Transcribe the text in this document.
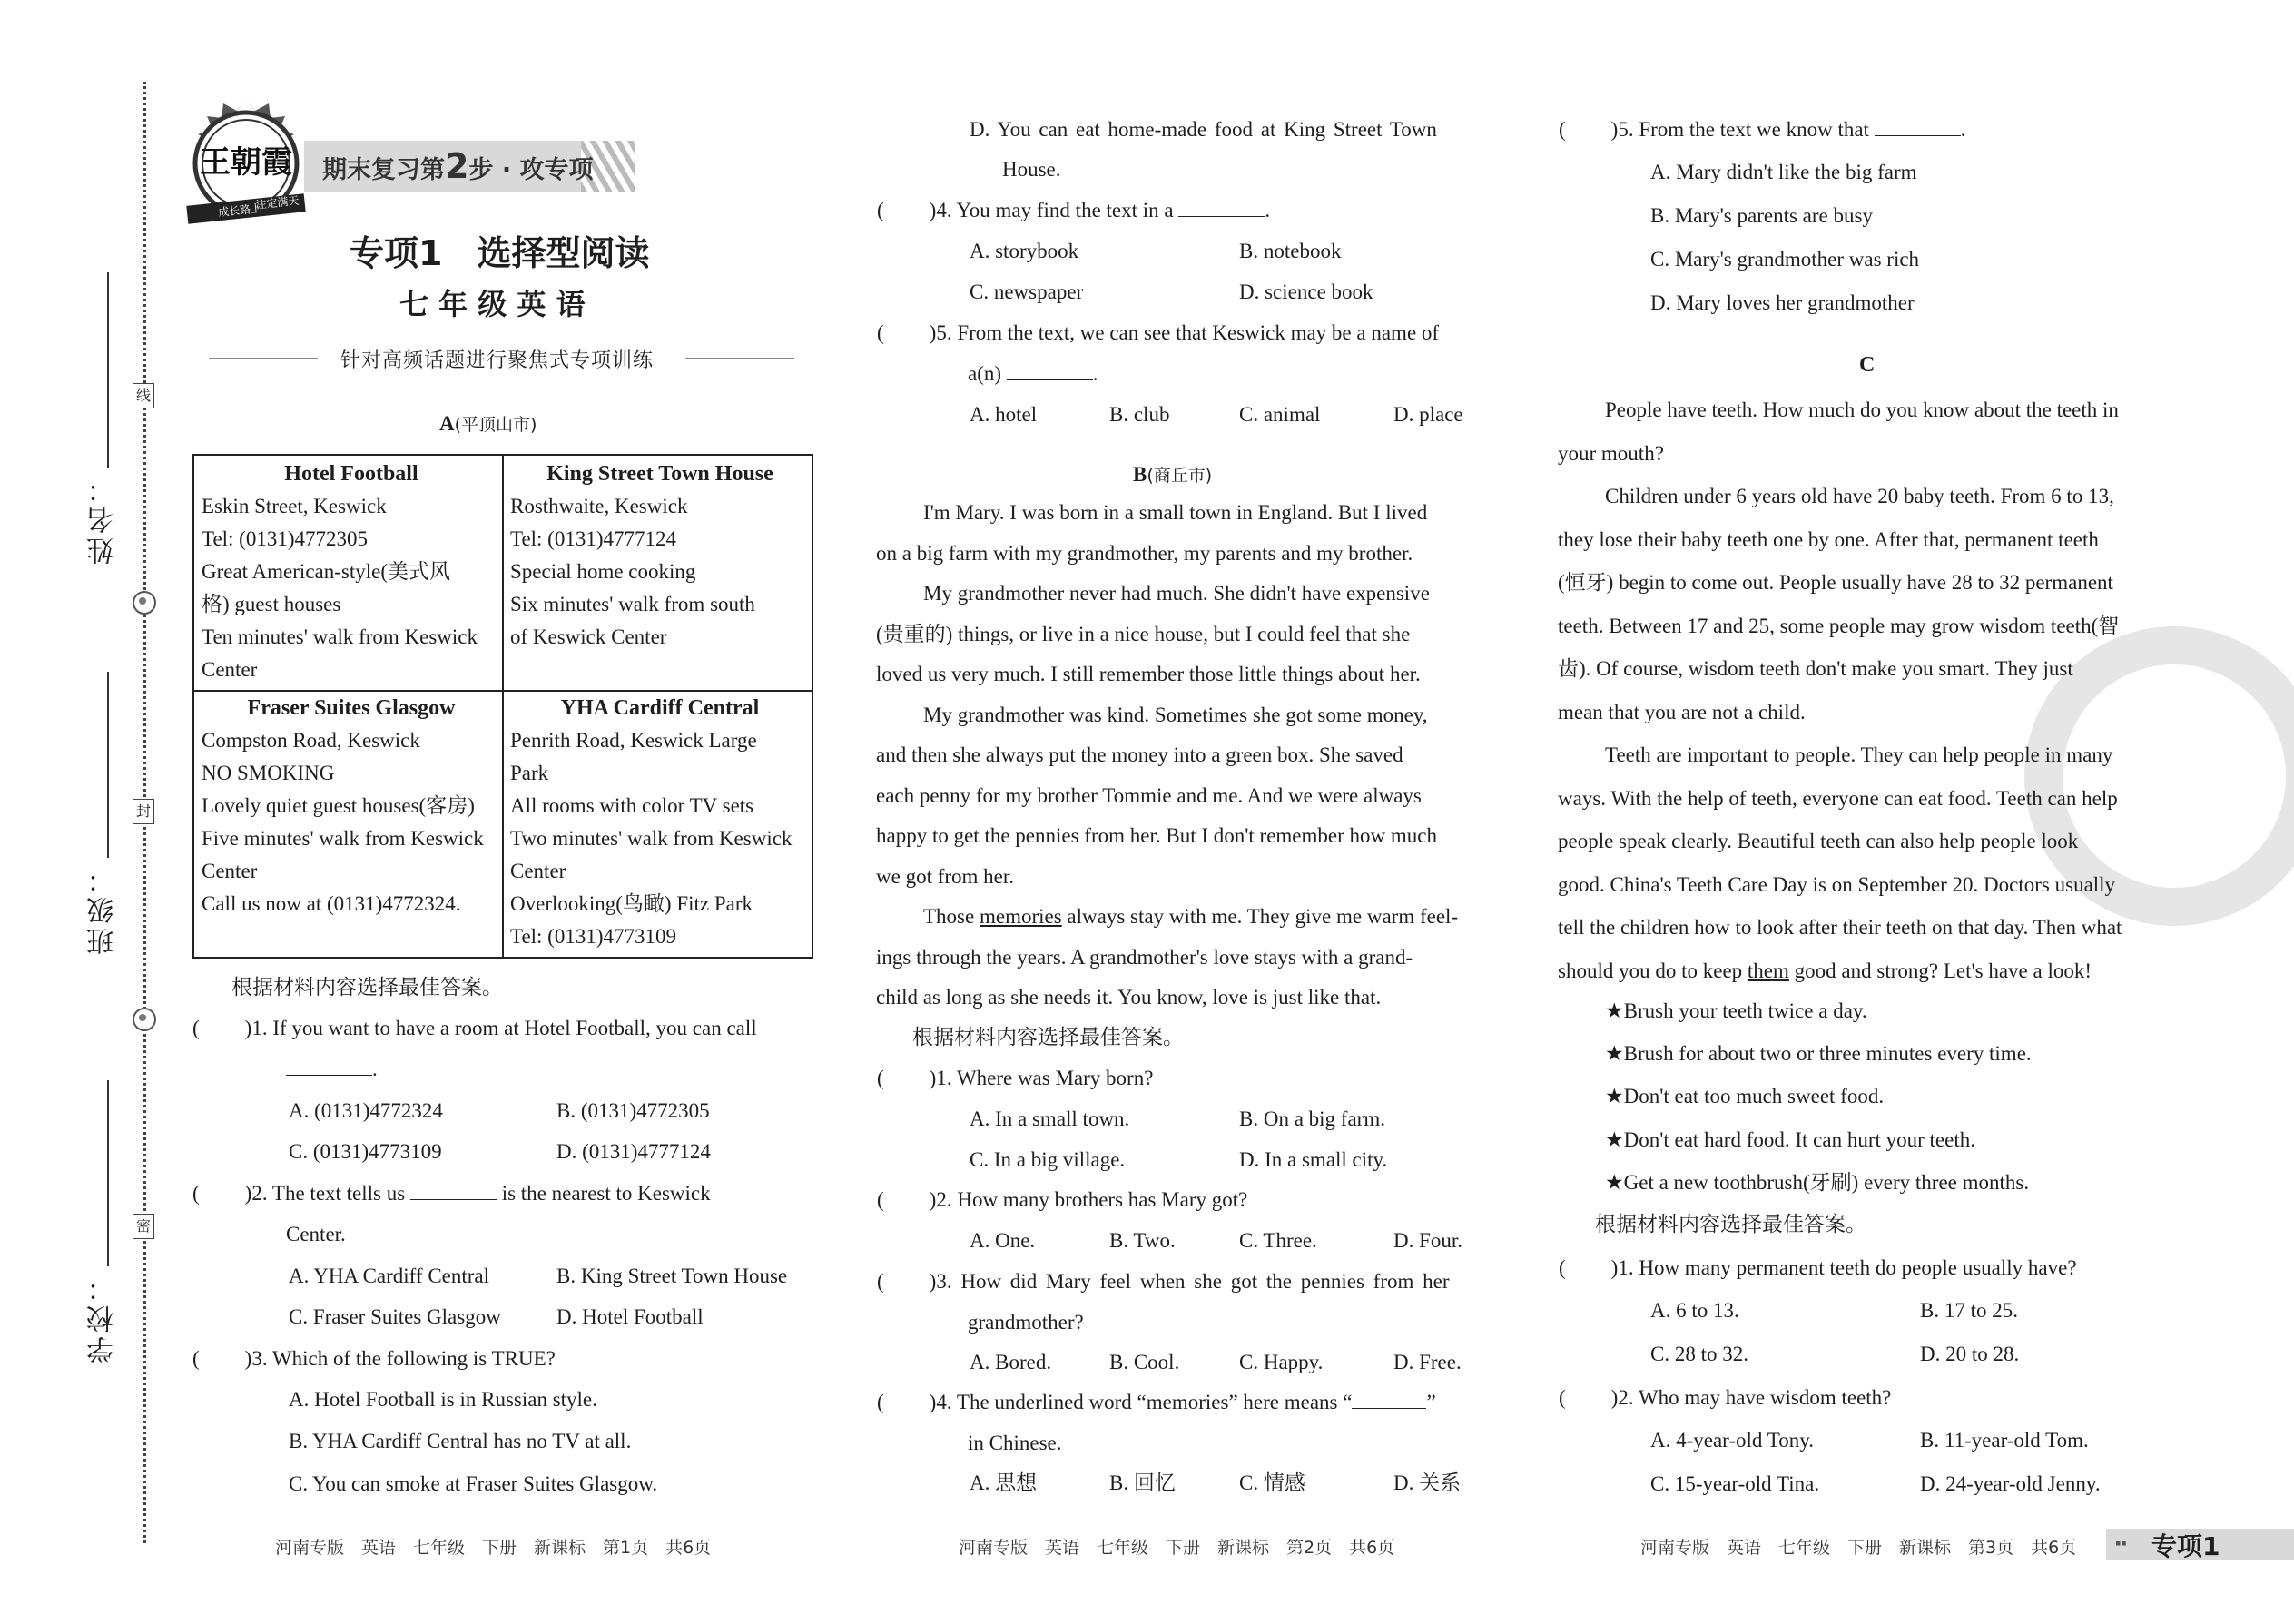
姓名：
班级：
学校：
线
封
密
王朝霞
成长路上
注定满天
期末复习第2步 · 攻专项
专项1　选择型阅读
七 年 级 英 语
针对高频话题进行聚焦式专项训练
A(平顶山市)
Hotel Football
Eskin Street, Keswick
Tel: (0131)4772305
Great American-style(美式风
格) guest houses
Ten minutes' walk from Keswick
Center
King Street Town House
Rosthwaite, Keswick
Tel: (0131)4777124
Special home cooking
Six minutes' walk from south
of Keswick Center
Fraser Suites Glasgow
Compston Road, Keswick
NO SMOKING
Lovely quiet guest houses(客房)
Five minutes' walk from Keswick
Center
Call us now at (0131)4772324.
YHA Cardiff Central
Penrith Road, Keswick Large
Park
All rooms with color TV sets
Two minutes' walk from Keswick
Center
Overlooking(鸟瞰) Fitz Park
Tel: (0131)4773109
根据材料内容选择最佳答案。
( )1. If you want to have a room at Hotel Football, you can call
.
A. (0131)4772324	B. (0131)4772305
C. (0131)4773109	D. (0131)4777124
( )2. The text tells us	is the nearest to Keswick
Center.
A. YHA Cardiff Central	B. King Street Town House
C. Fraser Suites Glasgow	D. Hotel Football
( )3. Which of the following is TRUE?
A. Hotel Football is in Russian style.
B. YHA Cardiff Central has no TV at all.
C. You can smoke at Fraser Suites Glasgow.
D. You can eat home-made food at King Street Town
House.
( )4. You may find the text in a	.
A. storybook	B. notebook
C. newspaper	D. science book
( )5. From the text, we can see that Keswick may be a name of
a(n)	.
A. hotel	B. club	C. animal	D. place
B(商丘市)
I'm Mary. I was born in a small town in England. But I lived
on a big farm with my grandmother, my parents and my brother.
My grandmother never had much. She didn't have expensive
(贵重的) things, or live in a nice house, but I could feel that she
loved us very much. I still remember those little things about her.
My grandmother was kind. Sometimes she got some money,
and then she always put the money into a green box. She saved
each penny for my brother Tommie and me. And we were always
happy to get the pennies from her. But I don't remember how much
we got from her.
Those memories always stay with me. They give me warm feel-
ings through the years. A grandmother's love stays with a grand-
child as long as she needs it. You know, love is just like that.
根据材料内容选择最佳答案。
( )1. Where was Mary born?
A. In a small town.	B. On a big farm.
C. In a big village.	D. In a small city.
( )2. How many brothers has Mary got?
A. One.	B. Two.	C. Three.	D. Four.
( )3. How did Mary feel when she got the pennies from her
grandmother?
A. Bored.	B. Cool.	C. Happy.	D. Free.
( )4. The underlined word “memories” here means “	”
in Chinese.
A. 思想	B. 回忆	C. 情感	D. 关系
( )5. From the text we know that	.
A. Mary didn't like the big farm
B. Mary's parents are busy
C. Mary's grandmother was rich
D. Mary loves her grandmother
C
People have teeth. How much do you know about the teeth in
your mouth?
Children under 6 years old have 20 baby teeth. From 6 to 13,
they lose their baby teeth one by one. After that, permanent teeth
(恒牙) begin to come out. People usually have 28 to 32 permanent
teeth. Between 17 and 25, some people may grow wisdom teeth(智
齿). Of course, wisdom teeth don't make you smart. They just
mean that you are not a child.
Teeth are important to people. They can help people in many
ways. With the help of teeth, everyone can eat food. Teeth can help
people speak clearly. Beautiful teeth can also help people look
good. China's Teeth Care Day is on September 20. Doctors usually
tell the children how to look after their teeth on that day. Then what
should you do to keep them good and strong? Let's have a look!
★Brush your teeth twice a day.
★Brush for about two or three minutes every time.
★Don't eat too much sweet food.
★Don't eat hard food. It can hurt your teeth.
★Get a new toothbrush(牙刷) every three months.
根据材料内容选择最佳答案。
( )1. How many permanent teeth do people usually have?
A. 6 to 13.	B. 17 to 25.
C. 28 to 32.	D. 20 to 28.
( )2. Who may have wisdom teeth?
A. 4-year-old Tony.	B. 11-year-old Tom.
C. 15-year-old Tina.	D. 24-year-old Jenny.
河南专版　英语　七年级　下册　新课标　第1页　共6页	河南专版　英语　七年级　下册　新课标　第2页　共6页	河南专版　英语　七年级　下册　新课标　第3页　共6页 ▪▪ 专项1
